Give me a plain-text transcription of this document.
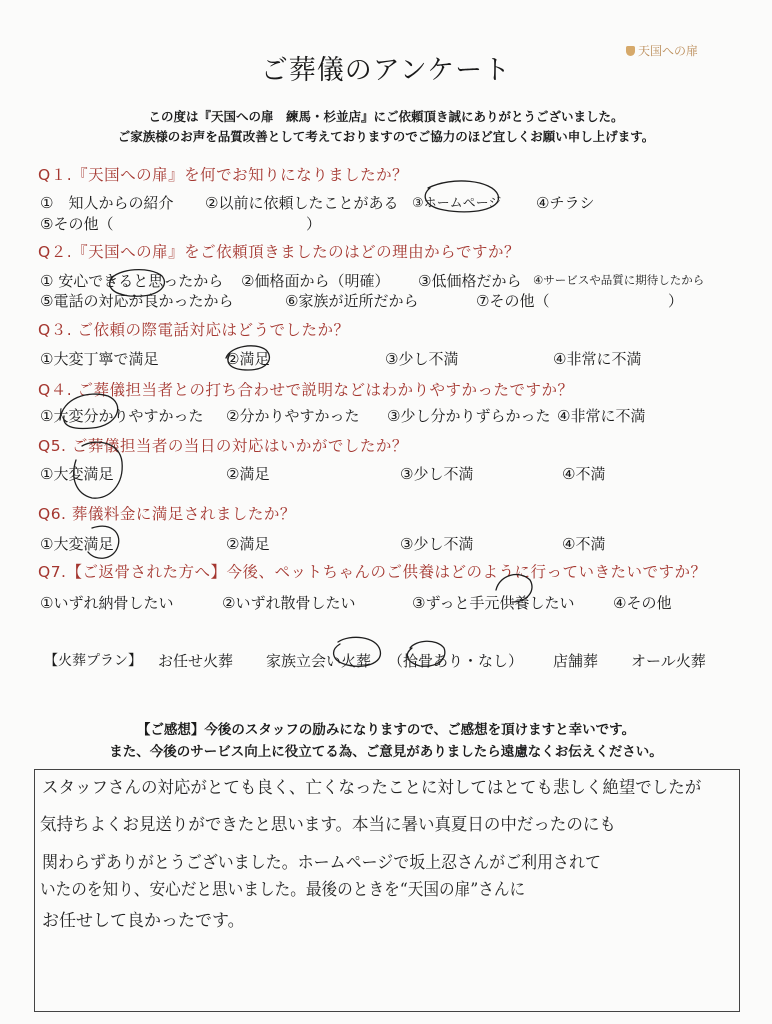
ご葬儀のアンケート
天国への扉
この度は『天国への扉　練馬・杉並店』にご依頼頂き誠にありがとうございました。
ご家族様のお声を品質改善として考えておりますのでご協力のほど宜しくお願い申し上げます。
Q１.『天国への扉』を何でお知りになりましたか？
①　知人からの紹介 ②以前に依頼したことがある ③ホームページ ④チラシ
⑤その他（	）
Q２.『天国への扉』をご依頼頂きましたのはどの理由からですか？
① 安心できると思ったから ②価格面から（明確） ③低価格だから ④サービスや品質に期待したから
⑤電話の対応が良かったから	⑥家族が近所だから	⑦その他（	）
Q３. ご依頼の際電話対応はどうでしたか？
①大変丁寧で満足	②満足	③少し不満	④非常に不満
Q４. ご葬儀担当者との打ち合わせで説明などはわかりやすかったですか？
①大変分かりやすかった ②分かりやすかった ③少し分かりずらかった ④非常に不満
Q5. ご葬儀担当者の当日の対応はいかがでしたか？
①大変満足	②満足	③少し不満	④不満
Q6. 葬儀料金に満足されましたか？
①大変満足	②満足	③少し不満	④不満
Q7.【ご返骨された方へ】今後、ペットちゃんのご供養はどのように行っていきたいですか？
①いずれ納骨したい	②いずれ散骨したい	③ずっと手元供養したい	④その他
【火葬プラン】 お任せ火葬 家族立会い火葬 （拾骨あり・なし） 店舗葬 オール火葬
【ご感想】今後のスタッフの励みになりますので、ご感想を頂けますと幸いです。
また、今後のサービス向上に役立てる為、ご意見がありましたら遠慮なくお伝えください。
スタッフさんの対応がとても良く、亡くなったことに対してはとても悲しく絶望でしたが
気持ちよくお見送りができたと思います。本当に暑い真夏日の中だったのにも
関わらずありがとうございました。ホームページで坂上忍さんがご利用されて
いたのを知り、安心だと思いました。最後のときを“天国の扉”さんに
お任せして良かったです。
